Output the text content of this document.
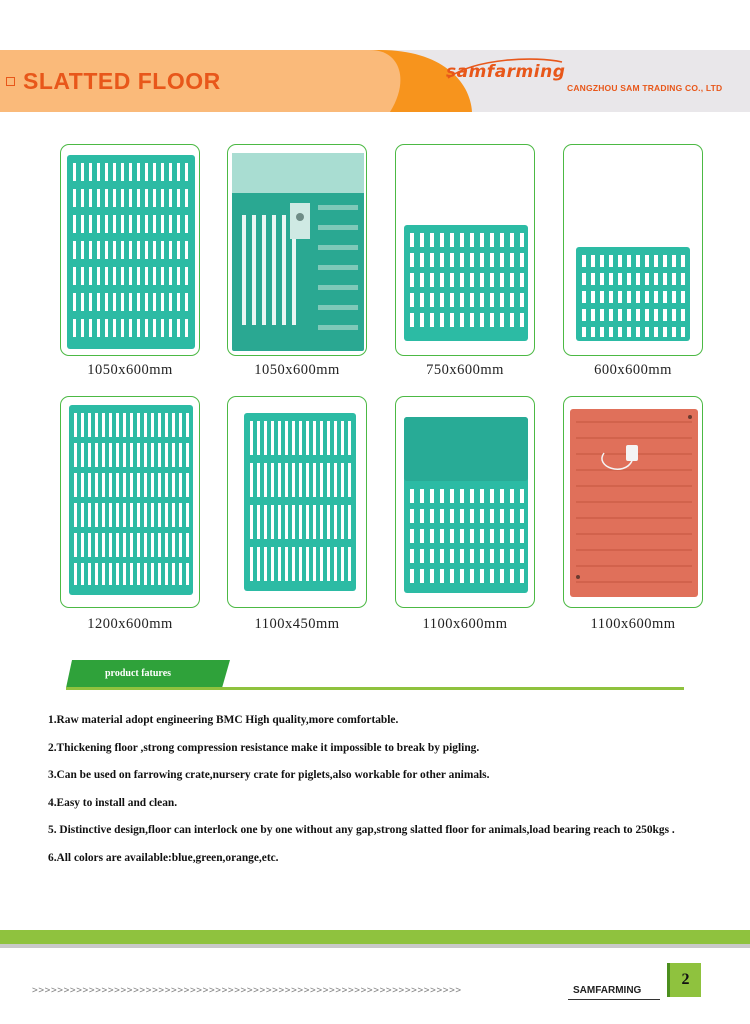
SLATTED FLOOR	samfarming
CANGZHOU SAM TRADING CO., LTD
1050x600mm	1050x600mm	750x600mm	600x600mm
1200x600mm	1100x450mm	1100x600mm	1100x600mm
product fatures
1.Raw material adopt engineering BMC High quality,more comfortable.
2.Thickening floor ,strong compression resistance make it impossible to break by pigling.
3.Can be used on farrowing crate,nursery crate for piglets,also workable for other animals.
4.Easy to install and clean.
5. Distinctive design,floor can interlock one by one without any gap,strong slatted floor for animals,load bearing reach to 250kgs .
6.All colors are available:blue,green,orange,etc.
>>>>>>>>>>>>>>>>>>>>>>>>>>>>>>>>>>>>>>>>>>>>>>>>>>>>>>>>>>>>>>>>>>>>	SAMFARMING
2
